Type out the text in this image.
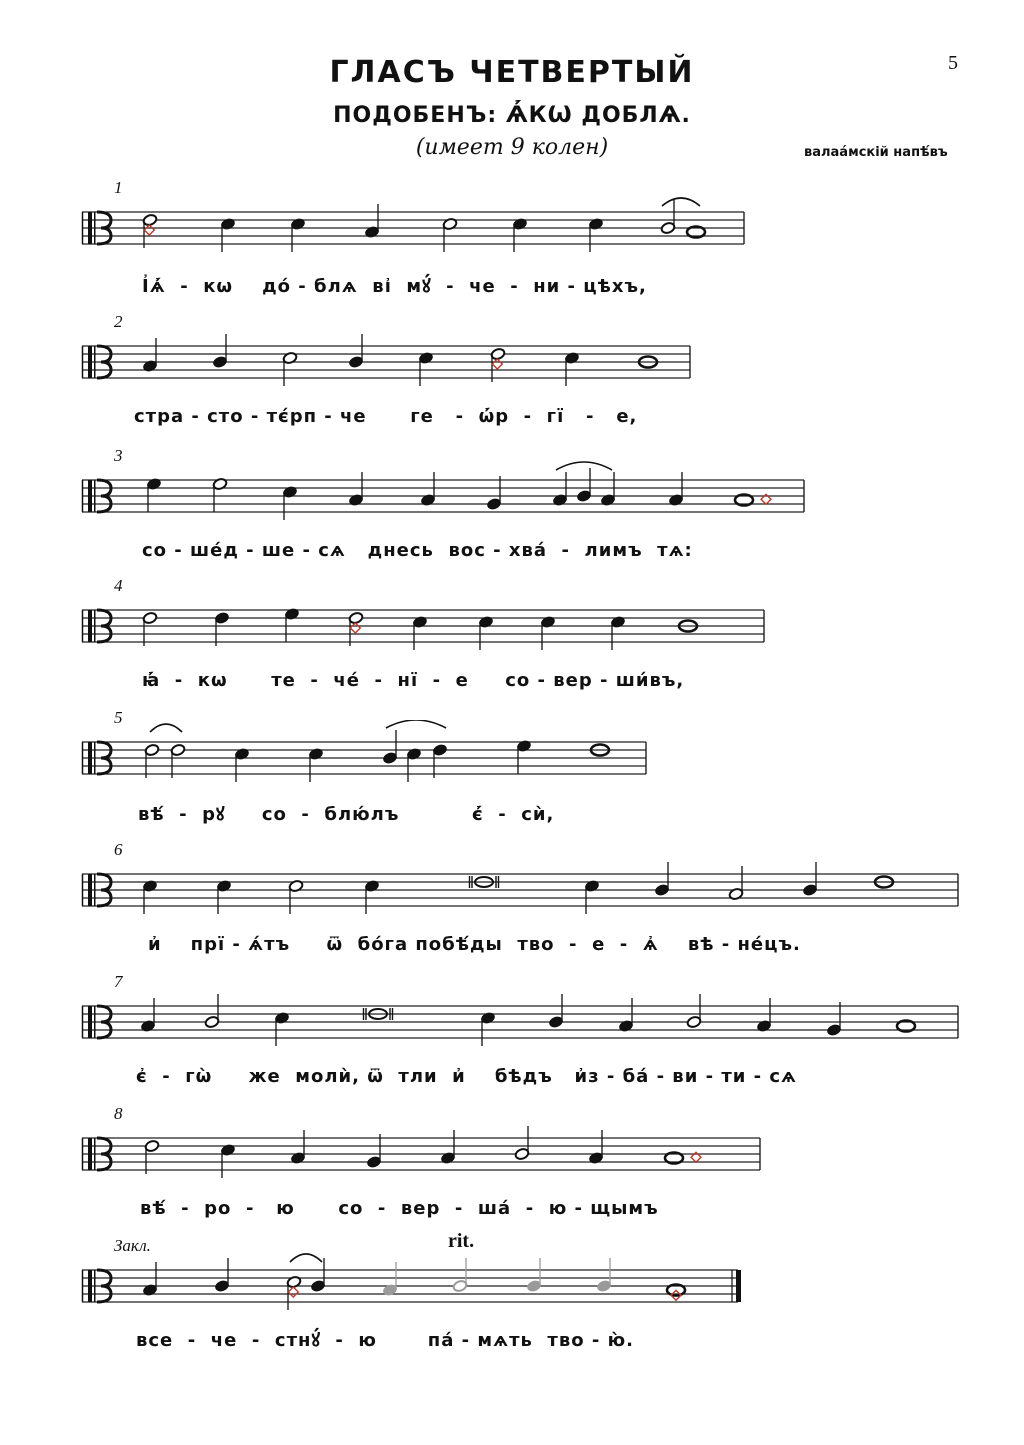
ГЛАСЪ ЧЕТВЕРТЫЙ
ПОДОБЕНЪ: Ѧ҆́КѠ ДОБЛѦ.
(имеет 9 колен)
5
валаа́мскій напѣ́въ
rit.
1
2
3
4
5
6
7
8
Закл.
І҆ѧ҆́  -  кѡ    до́ - блѧ  ві҆  мꙋ́  -  че  -  ни - цѣхъ,
стра - сто - тє́рп - че      ге   -  ѡ҆́р  -  гї   -   е,
со - ше́д - ше - сѧ   днесь  вос - хва́  -  лимъ  тѧ:
ꙗ҆́  -  кѡ      те  -  че́  -  нї  -  е     со - вер - ши́въ,
вѣ́  -  рꙋ     со  -  блю́лъ          є҆́  -  сѝ,
и҆    прї - ѧ́тъ     ѿ  бо́га побѣ́ды  тво  -  е  -  ѧ҆    вѣ - не́цъ.
є҆  -  гѡ̀     же  молѝ, ѿ  тли  и҆    бѣдъ   и҆з - ба́ - ви - ти - сѧ
вѣ́  -  ро  -   ю      со  -  вер  -  ша́  -  ю - щымъ
все  -  че  -  стнꙋ́  -  ю       па́ - мѧть  тво - ю̀.
